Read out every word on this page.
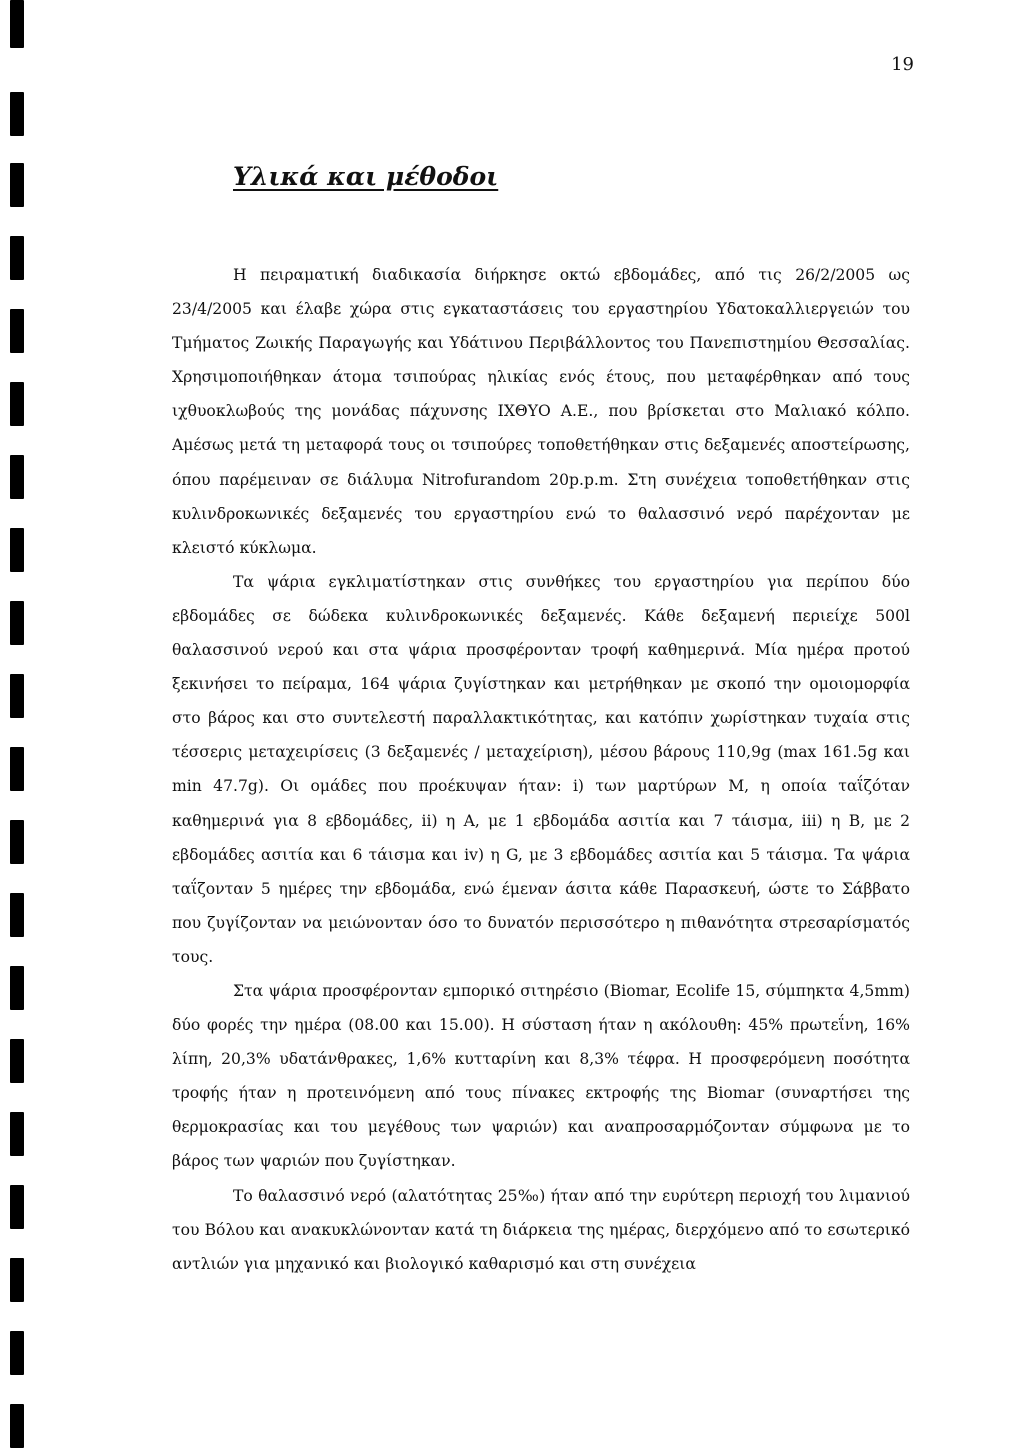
19
Υλικά και μέθοδοι

Η πειραματική διαδικασία διήρκησε οκτώ εβδομάδες, από τις 26/2/2005 ως 23/4/2005 και έλαβε χώρα στις εγκαταστάσεις του εργαστηρίου Υδατοκαλλιεργειών του Τμήματος Ζωικής Παραγωγής και Υδάτινου Περιβάλλοντος του Πανεπιστημίου Θεσσαλίας. Χρησιμοποιήθηκαν άτομα τσιπούρας ηλικίας ενός έτους, που μεταφέρθηκαν από τους ιχθυοκλωβούς της μονάδας πάχυνσης ΙΧΘΥΟ Α.Ε., που βρίσκεται στο Μαλιακό κόλπο. Αμέσως μετά τη μεταφορά τους οι τσιπούρες τοποθετήθηκαν στις δεξαμενές αποστείρωσης, όπου παρέμειναν σε διάλυμα Nitrofurandom 20p.p.m. Στη συνέχεια τοποθετήθηκαν στις κυλινδροκωνικές δεξαμενές του εργαστηρίου ενώ το θαλασσινό νερό παρέχονταν με κλειστό κύκλωμα.

Τα ψάρια εγκλιματίστηκαν στις συνθήκες του εργαστηρίου για περίπου δύο εβδομάδες σε δώδεκα κυλινδροκωνικές δεξαμενές. Κάθε δεξαμενή περιείχε 500l θαλασσινού νερού και στα ψάρια προσφέρονταν τροφή καθημερινά. Μία ημέρα προτού ξεκινήσει το πείραμα, 164 ψάρια ζυγίστηκαν και μετρήθηκαν με σκοπό την ομοιομορφία στο βάρος και στο συντελεστή παραλλακτικότητας, και κατόπιν χωρίστηκαν τυχαία στις τέσσερις μεταχειρίσεις (3 δεξαμενές / μεταχείριση), μέσου βάρους 110,9g (max 161.5g και min 47.7g). Οι ομάδες που προέκυψαν ήταν: i) των μαρτύρων Μ, η οποία ταΐζόταν καθημερινά για 8 εβδομάδες, ii) η Α, με 1 εβδομάδα ασιτία και 7 τάισμα, iii) η Β, με 2 εβδομάδες ασιτία και 6 τάισμα και iv) η G, με 3 εβδομάδες ασιτία και 5 τάισμα. Τα ψάρια ταΐζονταν 5 ημέρες την εβδομάδα, ενώ έμεναν άσιτα κάθε Παρασκευή, ώστε το Σάββατο που ζυγίζονταν να μειώνονταν όσο το δυνατόν περισσότερο η πιθανότητα στρεσαρίσματός τους.

Στα ψάρια προσφέρονταν εμπορικό σιτηρέσιο (Biomar, Ecolife 15, σύμπηκτα 4,5mm) δύο φορές την ημέρα (08.00 και 15.00). Η σύσταση ήταν η ακόλουθη: 45% πρωτεΐνη, 16% λίπη, 20,3% υδατάνθρακες, 1,6% κυτταρίνη και 8,3% τέφρα. Η προσφερόμενη ποσότητα τροφής ήταν η προτεινόμενη από τους πίνακες εκτροφής της Biomar (συναρτήσει της θερμοκρασίας και του μεγέθους των ψαριών) και αναπροσαρμόζονταν σύμφωνα με το βάρος των ψαριών που ζυγίστηκαν.

Το θαλασσινό νερό (αλατότητας 25‰) ήταν από την ευρύτερη περιοχή του λιμανιού του Βόλου και ανακυκλώνονταν κατά τη διάρκεια της ημέρας, διερχόμενο από το εσωτερικό αντλιών για μηχανικό και βιολογικό καθαρισμό και στη συνέχεια
